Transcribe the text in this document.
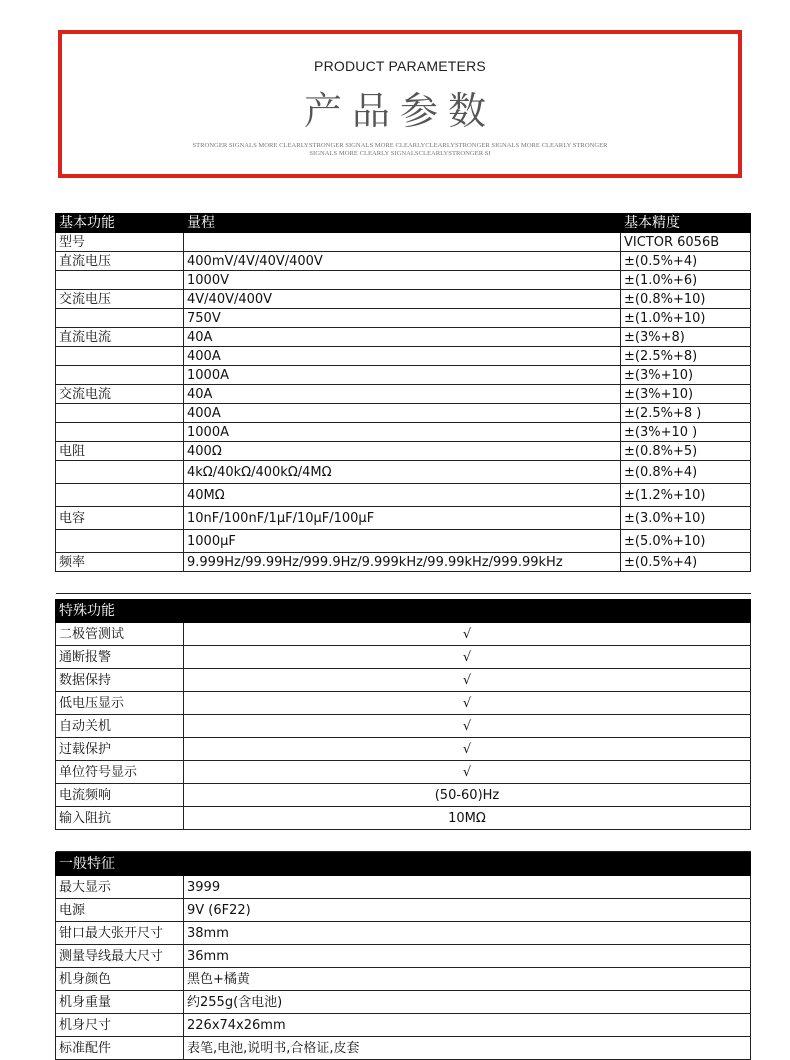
PRODUCT PARAMETERS
产品参数
STRONGER SIGNALS MORE CLEARLYSTRONGER SIGNALS MORE CLEARLYCLEARLYSTRONGER SIGNALS MORE CLEARLY STRONGER SIGNALS MORE CLEARLY SIGNALSCLEARLYSTRONGER SI
基本功能	量程	基本精度
型号		VICTOR 6056B
直流电压	400mV/4V/40V/400V	±(0.5%+4)
	1000V	±(1.0%+6)
交流电压	4V/40V/400V	±(0.8%+10)
	750V	±(1.0%+10)
直流电流	40A	±(3%+8)
	400A	±(2.5%+8)
	1000A	±(3%+10)
交流电流	40A	±(3%+10)
	400A	±(2.5%+8 )
	1000A	±(3%+10 )
电阻	400Ω	±(0.8%+5)
	4kΩ/40kΩ/400kΩ/4MΩ	±(0.8%+4)
	40MΩ	±(1.2%+10)
电容	10nF/100nF/1μF/10μF/100μF	±(3.0%+10)
	1000μF	±(5.0%+10)
频率	9.999Hz/99.99Hz/999.9Hz/9.999kHz/99.99kHz/999.99kHz	±(0.5%+4)

特殊功能	
二极管测试	√
通断报警	√
数据保持	√
低电压显示	√
自动关机	√
过载保护	√
单位符号显示	√
电流频响	(50-60)Hz
输入阻抗	10MΩ

一般特征	
最大显示	3999
电源	9V (6F22)
钳口最大张开尺寸	38mm
测量导线最大尺寸	36mm
机身颜色	黑色+橘黄
机身重量	约255g(含电池)
机身尺寸	226x74x26mm
标准配件	表笔,电池,说明书,合格证,皮套
